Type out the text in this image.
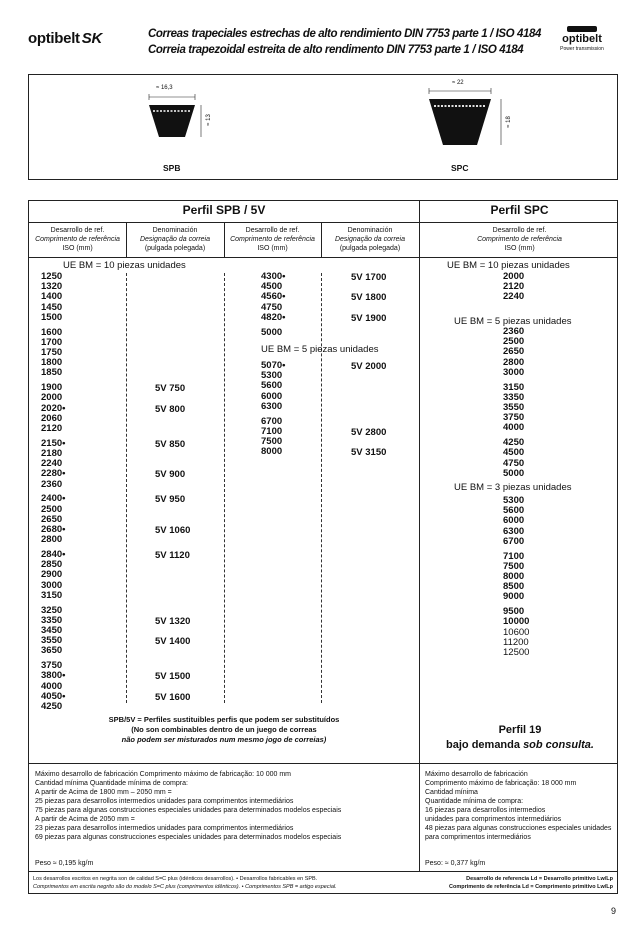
optibelt SK	Correas trapeciales estrechas de alto rendimiento DIN 7753 parte 1 / ISO 4184
Correia trapezoidal estreita de alto rendimento DIN 7753 parte 1 / ISO 4184
optibelt
Power transmission
≈ 16,3
≈ 13
SPB
≈ 22
≈ 18
SPC
Perfil SPB / 5V	Perfil SPC
Desarrollo de ref.
Comprimento de referência
ISO (mm)
Denominación
Designação da correia
(pulgada polegada)
Desarrollo de ref.
Comprimento de referência
ISO (mm)
Denominación
Designação da correia
(pulgada polegada)
Desarrollo de ref.
Comprimento de referência
ISO (mm)
UE BM = 10 piezas unidades
UE BM = 5 piezas unidades
UE BM = 10 piezas unidades
UE BM = 5 piezas unidades
UE BM = 3 piezas unidades
1250
1320
1400
1450
1500
1600
1700
1750
1800
1850
1900
2000
2020•
2060
2120
2150•
2180
2240
2280•
2360
2400•
2500
2650
2680•
2800
2840•
2850
2900
3000
3150
3250
3350
3450
3550
3650
3750
3800•
4000
4050•
4250
5V 750
5V 800
5V 850
5V 900
5V 950
5V 1060
5V 1120
5V 1320
5V 1400
5V 1500
5V 1600
4300•
4500
4560•
4750
4820•
5000
5070•
5300
5600
6000
6300
6700
7100
7500
8000
5V 1700
5V 1800
5V 1900
5V 2000
5V 2800
5V 3150
2000
2120
2240
2360
2500
2650
2800
3000
3150
3350
3550
3750
4000
4250
4500
4750
5000
5300
5600
6000
6300
6700
7100
7500
8000
8500
9000
9500
10000
10600
11200
12500
SPB/5V = Perfiles sustituibles perfis que podem ser substituídos
(No son combinables dentro de un juego de correas
não podem ser misturados num mesmo jogo de correias)
Perfil 19
bajo demanda sob consulta.
Máximo desarrollo de fabricación Comprimento máximo de fabricação: 10 000 mm
Cantidad mínima Quantidade mínima de compra:
A partir de Acima de 1800 mm – 2050 mm =
25 piezas para desarrollos intermedios unidades para comprimentos intermediários
75 piezas para algunas construcciones especiales unidades para determinados modelos especiais
A partir de Acima de 2050 mm =
23 piezas para desarrollos intermedios unidades para comprimentos intermediários
69 piezas para algunas construcciones especiales unidades para determinados modelos especiais
Peso ≈ 0,195 kg/m
Máximo desarrollo de fabricación
Comprimento máximo de fabricação: 18 000 mm
Cantidad mínima
Quantidade mínima de compra:
16 piezas para desarrollos intermedios
unidades para comprimentos intermediários
48 piezas para algunas construcciones especiales unidades
para comprimentos intermediários
Peso: ≈ 0,377 kg/m
Los desarrollos escritos en negrita son de calidad S=C plus (idénticos desarrollos). • Desarrollos fabricables en SPB.
Comprimentos em escrita negrito são do modelo S=C plus (comprimentos idênticos). • Comprimentos SPB = artigo especial.
Desarrollo de referencia Ld = Desarrollo primitivo Lw/Lp
Comprimento de referência Ld = Comprimento primitivo Lw/Lp
9
